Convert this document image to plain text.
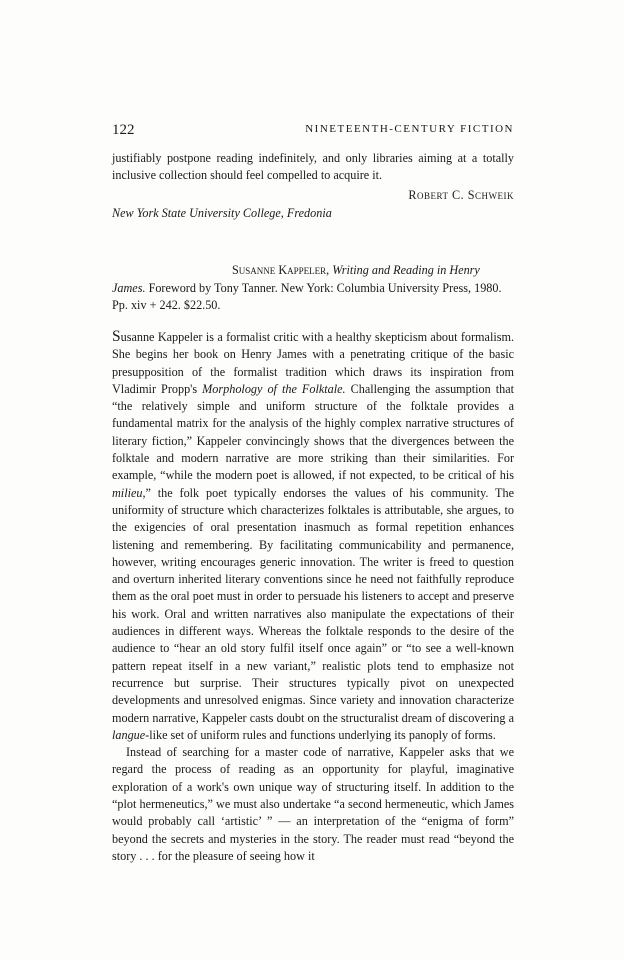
122	NINETEENTH-CENTURY FICTION

justifiably postpone reading indefinitely, and only libraries aiming at a totally inclusive collection should feel compelled to acquire it.

Robert C. Schweik
New York State University College, Fredonia
Susanne Kappeler, Writing and Reading in Henry James. Foreword by Tony Tanner. New York: Columbia University Press, 1980. Pp. xiv + 242. $22.50.

Susanne Kappeler is a formalist critic with a healthy skepticism about formalism. She begins her book on Henry James with a penetrating critique of the basic presupposition of the formalist tradition which draws its inspiration from Vladimir Propp's Morphology of the Folktale. Challenging the assumption that “the relatively simple and uniform structure of the folktale provides a fundamental matrix for the analysis of the highly complex narrative structures of literary fiction,” Kappeler convincingly shows that the divergences between the folktale and modern narrative are more striking than their similarities. For example, “while the modern poet is allowed, if not expected, to be critical of his milieu,” the folk poet typically endorses the values of his community. The uniformity of structure which characterizes folktales is attributable, she argues, to the exigencies of oral presentation inasmuch as formal repetition enhances listening and remembering. By facilitating communicability and permanence, however, writing encourages generic innovation. The writer is freed to question and overturn inherited literary conventions since he need not faithfully reproduce them as the oral poet must in order to persuade his listeners to accept and preserve his work. Oral and written narratives also manipulate the expectations of their audiences in different ways. Whereas the folktale responds to the desire of the audience to “hear an old story fulfil itself once again” or “to see a well-known pattern repeat itself in a new variant,” realistic plots tend to emphasize not recurrence but surprise. Their structures typically pivot on unexpected developments and unresolved enigmas. Since variety and innovation characterize modern narrative, Kappeler casts doubt on the structuralist dream of discovering a langue-like set of uniform rules and functions underlying its panoply of forms.

Instead of searching for a master code of narrative, Kappeler asks that we regard the process of reading as an opportunity for playful, imaginative exploration of a work's own unique way of structuring itself. In addition to the “plot hermeneutics,” we must also undertake “a second hermeneutic, which James would probably call ‘artistic’ ” — an interpretation of the “enigma of form” beyond the secrets and mysteries in the story. The reader must read “beyond the story . . . for the pleasure of seeing how it
